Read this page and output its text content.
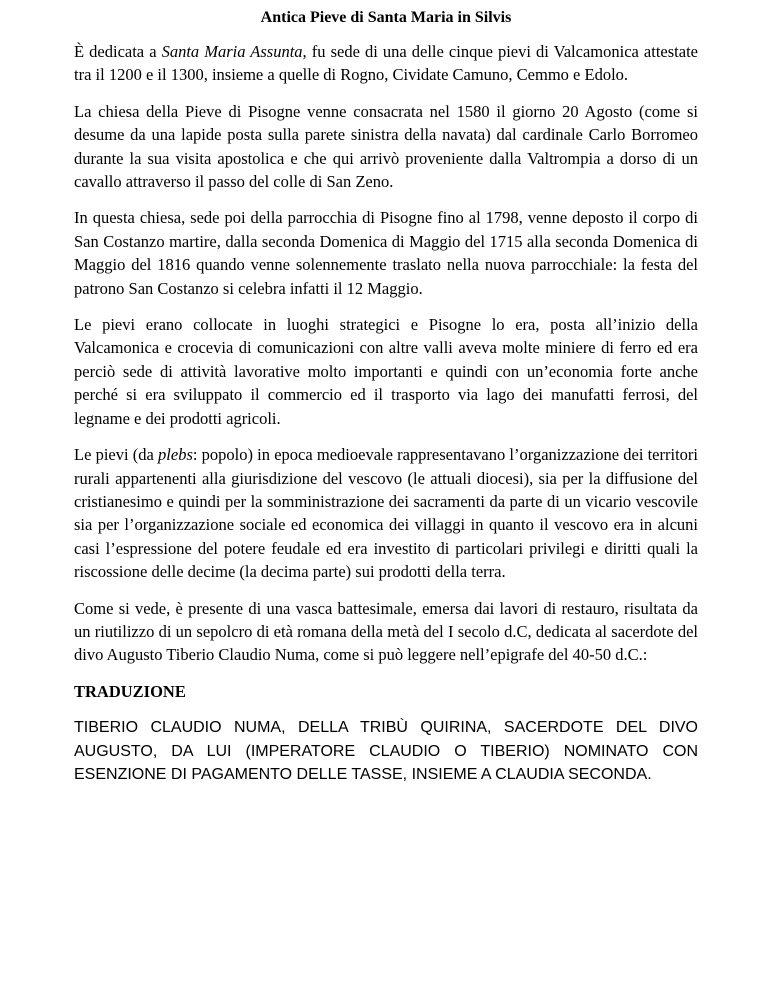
Antica Pieve di Santa Maria in Silvis

È dedicata a Santa Maria Assunta, fu sede di una delle cinque pievi di Valcamonica attestate tra il 1200 e il 1300, insieme a quelle di Rogno, Cividate Camuno, Cemmo e Edolo.

La chiesa della Pieve di Pisogne venne consacrata nel 1580 il giorno 20 Agosto (come si desume da una lapide posta sulla parete sinistra della navata) dal cardinale Carlo Borromeo durante la sua visita apostolica e che qui arrivò proveniente dalla Valtrompia a dorso di un cavallo attraverso il passo del colle di San Zeno.

In questa chiesa, sede poi della parrocchia di Pisogne fino al 1798, venne deposto il corpo di San Costanzo martire, dalla seconda Domenica di Maggio del 1715 alla seconda Domenica di Maggio del 1816 quando venne solennemente traslato nella nuova parrocchiale: la festa del patrono San Costanzo si celebra infatti il 12 Maggio.

Le pievi erano collocate in luoghi strategici e Pisogne lo era, posta all’inizio della Valcamonica e crocevia di comunicazioni con altre valli aveva molte miniere di ferro ed era perciò sede di attività lavorative molto importanti e quindi con un’economia forte anche perché si era sviluppato il commercio ed il trasporto via lago dei manufatti ferrosi, del legname e dei prodotti agricoli.

Le pievi (da plebs: popolo) in epoca medioevale rappresentavano l’organizzazione dei territori rurali appartenenti alla giurisdizione del vescovo (le attuali diocesi), sia per la diffusione del cristianesimo e quindi per la somministrazione dei sacramenti da parte di un vicario vescovile sia per l’organizzazione sociale ed economica dei villaggi in quanto il vescovo era in alcuni casi l’espressione del potere feudale ed era investito di particolari privilegi e diritti quali la riscossione delle decime (la decima parte) sui prodotti della terra.

Come si vede, è presente di una vasca battesimale, emersa dai lavori di restauro, risultata da un riutilizzo di un sepolcro di età romana della metà del I secolo d.C, dedicata al sacerdote del divo Augusto Tiberio Claudio Numa, come si può leggere nell’epigrafe del 40-50 d.C.:

TRADUZIONE

TIBERIO CLAUDIO NUMA, DELLA TRIBÙ QUIRINA, SACERDOTE DEL DIVO AUGUSTO, DA LUI (IMPERATORE CLAUDIO O TIBERIO) NOMINATO CON ESENZIONE DI PAGAMENTO DELLE TASSE, INSIEME A CLAUDIA SECONDA.
